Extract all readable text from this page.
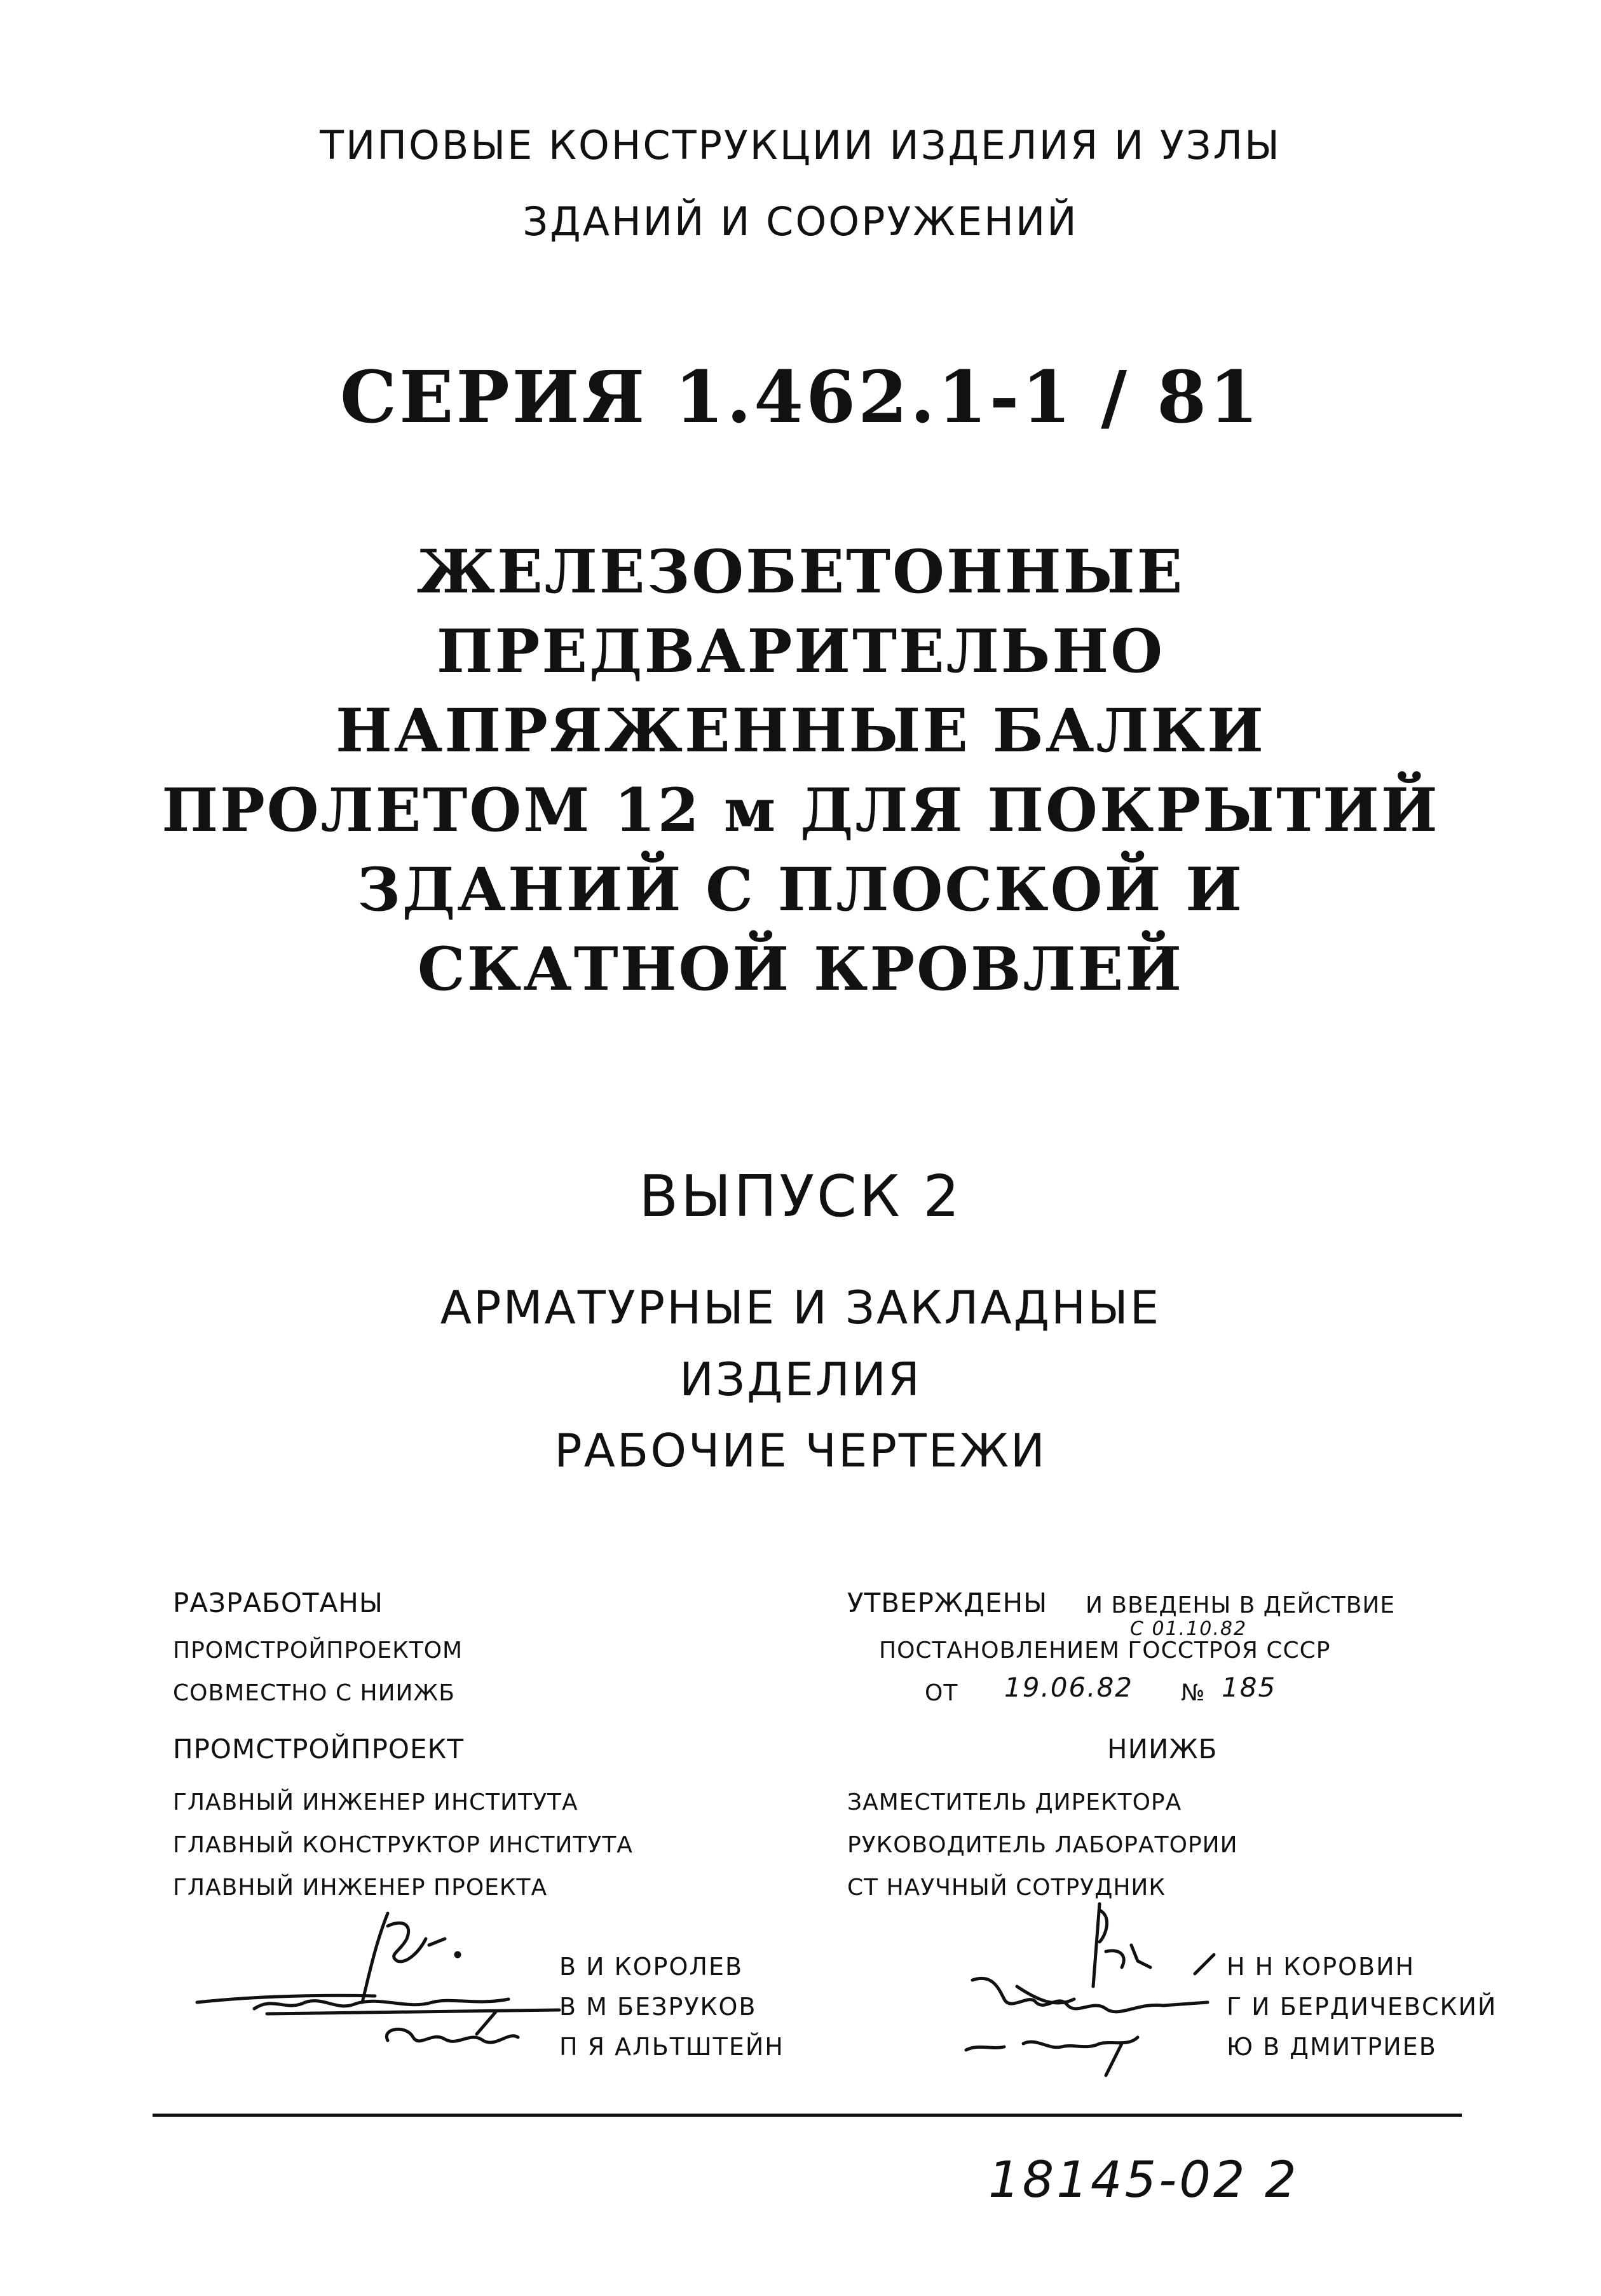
ТИПОВЫЕ КОНСТРУКЦИИ ИЗДЕЛИЯ И УЗЛЫ
ЗДАНИЙ И СООРУЖЕНИЙ
СЕРИЯ 1.462.1-1 / 81
ЖЕЛЕЗОБЕТОННЫЕ
ПРЕДВАРИТЕЛЬНО
НАПРЯЖЕННЫЕ БАЛКИ
ПРОЛЕТОМ 12 м ДЛЯ ПОКРЫТИЙ
ЗДАНИЙ С ПЛОСКОЙ И
СКАТНОЙ КРОВЛЕЙ
ВЫПУСК 2
АРМАТУРНЫЕ И ЗАКЛАДНЫЕ
ИЗДЕЛИЯ
РАБОЧИЕ ЧЕРТЕЖИ
РАЗРАБОТАНЫ
ПРОМСТРОЙПРОЕКТОМ
СОВМЕСТНО С НИИЖБ
УТВЕРЖДЕНЫ И ВВЕДЕНЫ В ДЕЙСТВИЕ
С 01.10.82
ПОСТАНОВЛЕНИЕМ ГОССТРОЯ СССР
ОТ 19.06.82 № 185
ПРОМСТРОЙПРОЕКТ	НИИЖБ
ГЛАВНЫЙ ИНЖЕНЕР ИНСТИТУТА
ГЛАВНЫЙ КОНСТРУКТОР ИНСТИТУТА
ГЛАВНЫЙ ИНЖЕНЕР ПРОЕКТА
ЗАМЕСТИТЕЛЬ ДИРЕКТОРА
РУКОВОДИТЕЛЬ ЛАБОРАТОРИИ
СТ НАУЧНЫЙ СОТРУДНИК
В И КОРОЛЕВ
В М БЕЗРУКОВ
П Я АЛЬТШТЕЙН
Н Н КОРОВИН
Г И БЕРДИЧЕВСКИЙ
Ю В ДМИТРИЕВ
18145-02 2
